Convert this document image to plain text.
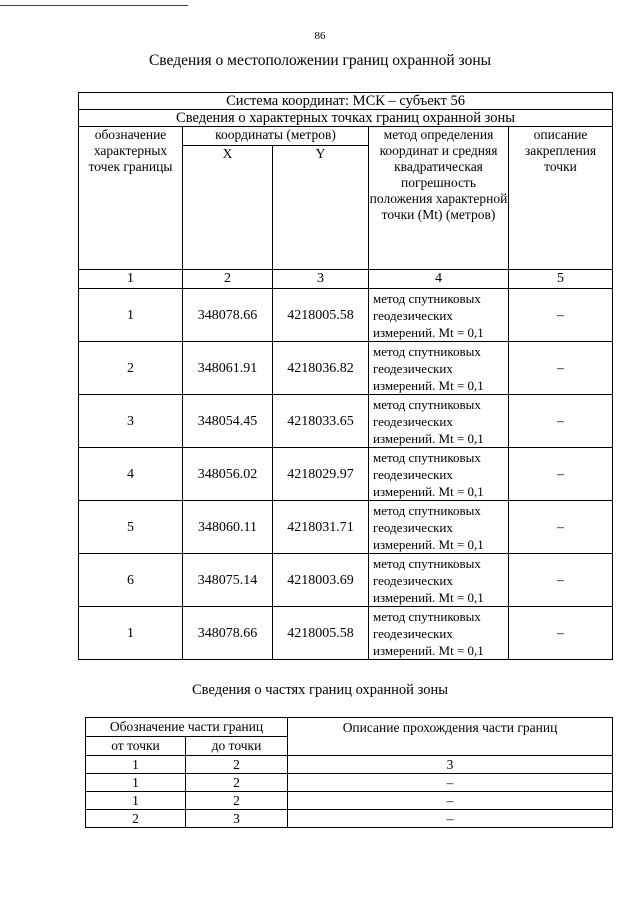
86
Сведения о местоположении границ охранной зоны
Система координат: МСК – субъект 56				
Сведения о характерных точках границ охранной зоны				
обозначение характерных точек границы	координаты (метров)		метод определения координат и средняя квадратическая погрешность положения характерной точки (Mt) (метров)	описание закрепления точки
	X	Y		
1	2	3	4	5
1	348078.66	4218005.58	метод спутниковых геодезических измерений. Mt = 0,1	–
2	348061.91	4218036.82	метод спутниковых геодезических измерений. Mt = 0,1	–
3	348054.45	4218033.65	метод спутниковых геодезических измерений. Mt = 0,1	–
4	348056.02	4218029.97	метод спутниковых геодезических измерений. Mt = 0,1	–
5	348060.11	4218031.71	метод спутниковых геодезических измерений. Mt = 0,1	–
6	348075.14	4218003.69	метод спутниковых геодезических измерений. Mt = 0,1	–
1	348078.66	4218005.58	метод спутниковых геодезических измерений. Mt = 0,1	–
Сведения о частях границ охранной зоны
Обозначение части границ		Описание прохождения части границ
от точки	до точки	
1	2	3
1	2	–
1	2	–
2	3	–
